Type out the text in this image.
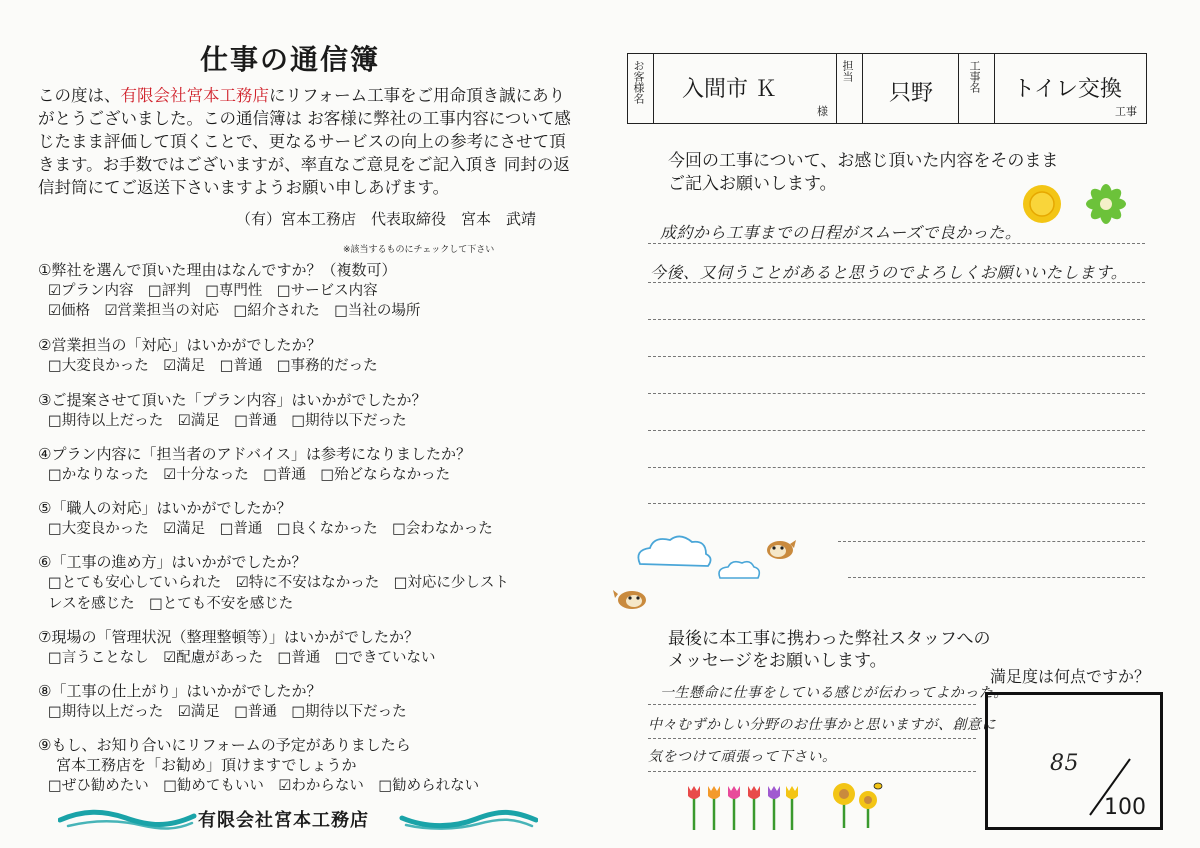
仕事の通信簿
この度は、有限会社宮本工務店にリフォーム工事をご用命頂き誠にありがとうございました。この通信簿は お客様に弊社の工事内容について感じたまま評価して頂くことで、更なるサービスの向上の参考にさせて頂きます。お手数ではございますが、率直なご意見をご記入頂き 同封の返信封筒にてご返送下さいますようお願い申しあげます。
（有）宮本工務店　代表取締役　宮本　武靖
※該当するものにチェックして下さい
①弊社を選んで頂いた理由はなんですか？（複数可）
☑プラン内容　□評判　□専門性　□サービス内容
☑価格　☑営業担当の対応　□紹介された　□当社の場所
②営業担当の「対応」はいかがでしたか？
□大変良かった　☑満足　□普通　□事務的だった
③ご提案させて頂いた「プラン内容」はいかがでしたか？
□期待以上だった　☑満足　□普通　□期待以下だった
④プラン内容に「担当者のアドバイス」は参考になりましたか？
□かなりなった　☑十分なった　□普通　□殆どならなかった
⑤「職人の対応」はいかがでしたか？
□大変良かった　☑満足　□普通　□良くなかった　□会わなかった
⑥「工事の進め方」はいかがでしたか？
□とても安心していられた　☑特に不安はなかった　□対応に少しスト
レスを感じた　□とても不安を感じた
⑦現場の「管理状況（整理整頓等）」はいかがでしたか？
□言うことなし　☑配慮があった　□普通　□できていない
⑧「工事の仕上がり」はいかがでしたか？
□期待以上だった　☑満足　□普通　□期待以下だった
⑨もし、お知り合いにリフォームの予定がありましたら
宮本工務店を「お勧め」頂けますでしょうか
□ぜひ勧めたい　□勧めてもいい　☑わからない　□勧められない
有限会社宮本工務店
お客様名 入間市 Ｋ
様
担当
只野
工事名 トイレ交換
工事
今回の工事について、お感じ頂いた内容をそのまま
ご記入お願いします。
成約から工事までの日程がスムーズで良かった。
今後、又伺うことがあると思うのでよろしくお願いいたします。
最後に本工事に携わった弊社スタッフへの
メッセージをお願いします。
一生懸命に仕事をしている感じが伝わってよかった。
中々むずかしい分野のお仕事かと思いますが、創意に
気をつけて頑張って下さい。
満足度は何点ですか？
85
100
